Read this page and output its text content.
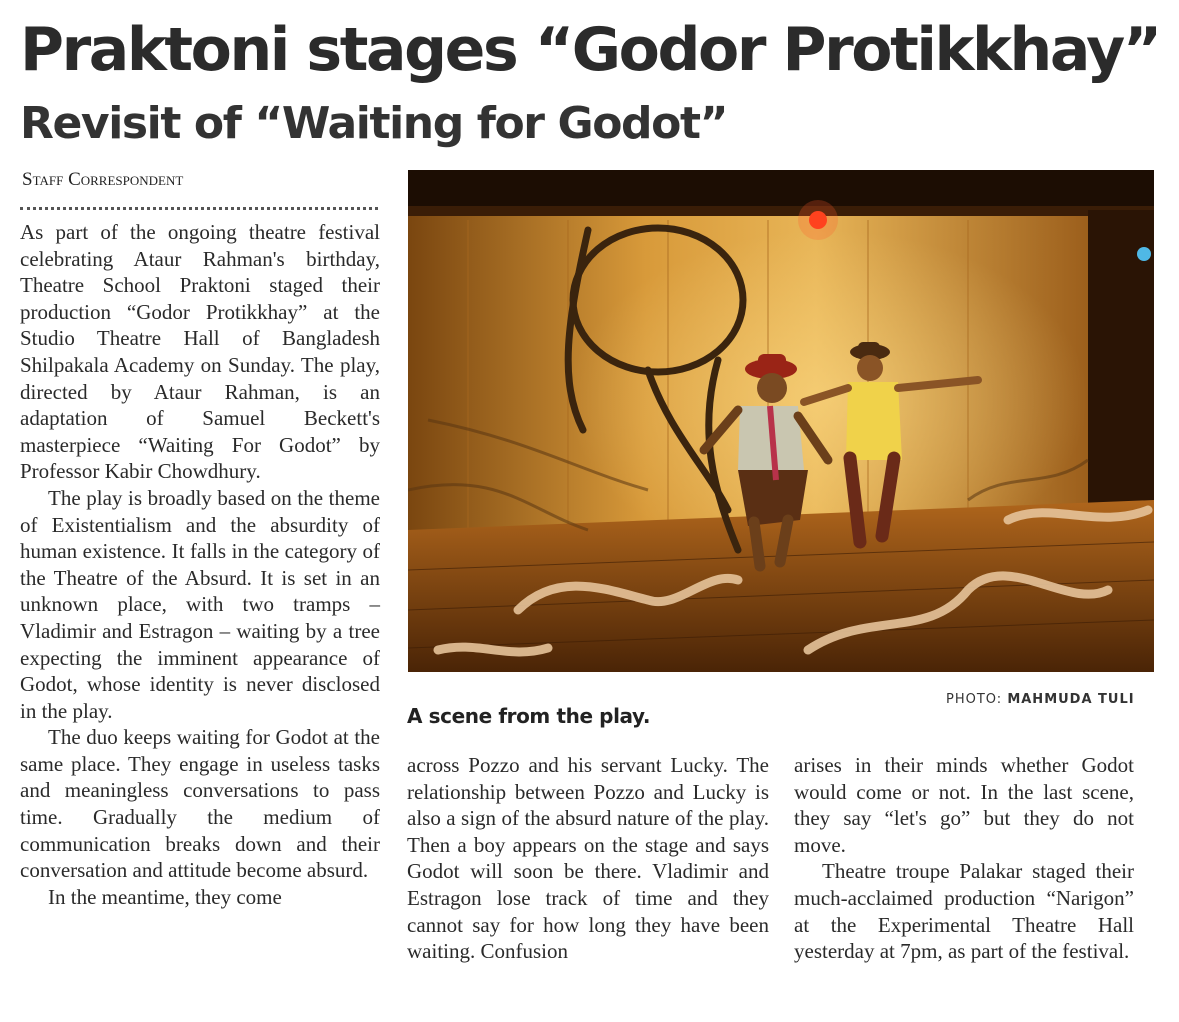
Praktoni stages “Godor Protikkhay”
Revisit of “Waiting for Godot”
Staff Correspondent

As part of the ongoing theatre festival celebrating Ataur Rahman's birthday, Theatre School Praktoni staged their production “Godor Protikkhay” at the Studio Theatre Hall of Bangladesh Shilpakala Academy on Sunday. The play, directed by Ataur Rahman, is an adaptation of Samuel Beckett's masterpiece “Waiting For Godot” by Professor Kabir Chowdhury.

The play is broadly based on the theme of Existentialism and the absurdity of human existence. It falls in the category of the Theatre of the Absurd. It is set in an unknown place, with two tramps – Vladimir and Estragon – waiting by a tree expecting the imminent appearance of Godot, whose identity is never disclosed in the play.

The duo keeps waiting for Godot at the same place. They engage in useless tasks and meaningless conversations to pass time. Gradually the medium of communication breaks down and their conversation and attitude become absurd.

In the meantime, they come

PHOTO: MAHMUDA TULI
A scene from the play.

across Pozzo and his servant Lucky. The relationship between Pozzo and Lucky is also a sign of the absurd nature of the play. Then a boy appears on the stage and says Godot will soon be there. Vladimir and Estragon lose track of time and they cannot say for how long they have been waiting. Confusion

arises in their minds whether Godot would come or not. In the last scene, they say “let's go” but they do not move.

Theatre troupe Palakar staged their much-acclaimed production “Narigon” at the Experimental Theatre Hall yesterday at 7pm, as part of the festival.
